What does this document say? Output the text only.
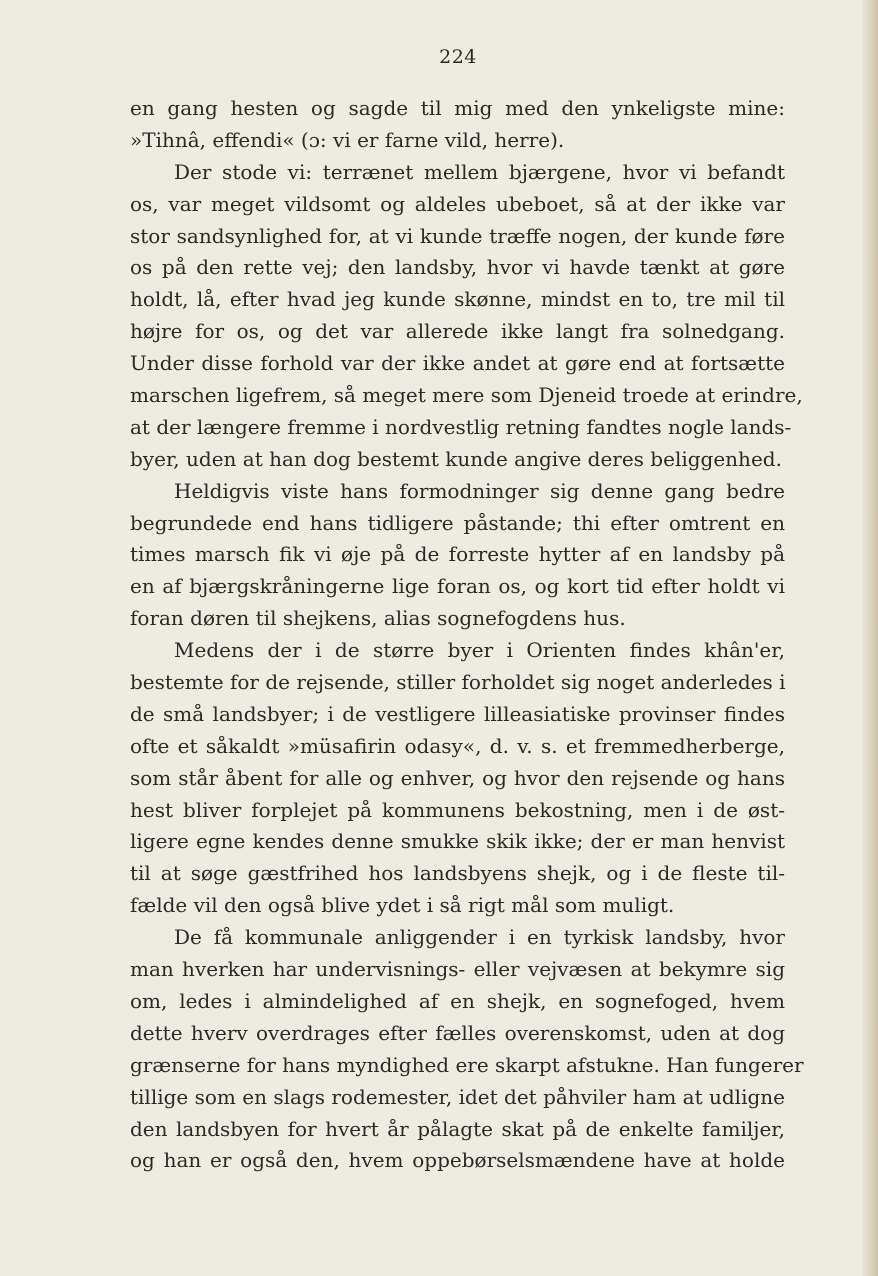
224
en gang hesten og sagde til mig med den ynkeligste mine:
»Tihnâ, effendi« (ɔ: vi er farne vild, herre).
Der stode vi: terrænet mellem bjærgene, hvor vi befandt
os, var meget vildsomt og aldeles ubeboet, så at der ikke var
stor sandsynlighed for, at vi kunde træffe nogen, der kunde føre
os på den rette vej; den landsby, hvor vi havde tænkt at gøre
holdt, lå, efter hvad jeg kunde skønne, mindst en to, tre mil til
højre for os, og det var allerede ikke langt fra solnedgang.
Under disse forhold var der ikke andet at gøre end at fortsætte
marschen ligefrem, så meget mere som Djeneid troede at erindre,
at der længere fremme i nordvestlig retning fandtes nogle lands-
byer, uden at han dog bestemt kunde angive deres beliggenhed.
Heldigvis viste hans formodninger sig denne gang bedre
begrundede end hans tidligere påstande; thi efter omtrent en
times marsch fik vi øje på de forreste hytter af en landsby på
en af bjærgskråningerne lige foran os, og kort tid efter holdt vi
foran døren til shejkens, alias sognefogdens hus.
Medens der i de større byer i Orienten findes khân'er,
bestemte for de rejsende, stiller forholdet sig noget anderledes i
de små landsbyer; i de vestligere lilleasiatiske provinser findes
ofte et såkaldt »müsafirin odasy«, d. v. s. et fremmedherberge,
som står åbent for alle og enhver, og hvor den rejsende og hans
hest bliver forplejet på kommunens bekostning, men i de øst-
ligere egne kendes denne smukke skik ikke; der er man henvist
til at søge gæstfrihed hos landsbyens shejk, og i de fleste til-
fælde vil den også blive ydet i så rigt mål som muligt.
De få kommunale anliggender i en tyrkisk landsby, hvor
man hverken har undervisnings- eller vejvæsen at bekymre sig
om, ledes i almindelighed af en shejk, en sognefoged, hvem
dette hverv overdrages efter fælles overenskomst, uden at dog
grænserne for hans myndighed ere skarpt afstukne. Han fungerer
tillige som en slags rodemester, idet det påhviler ham at udligne
den landsbyen for hvert år pålagte skat på de enkelte familjer,
og han er også den, hvem oppebørselsmændene have at holde
